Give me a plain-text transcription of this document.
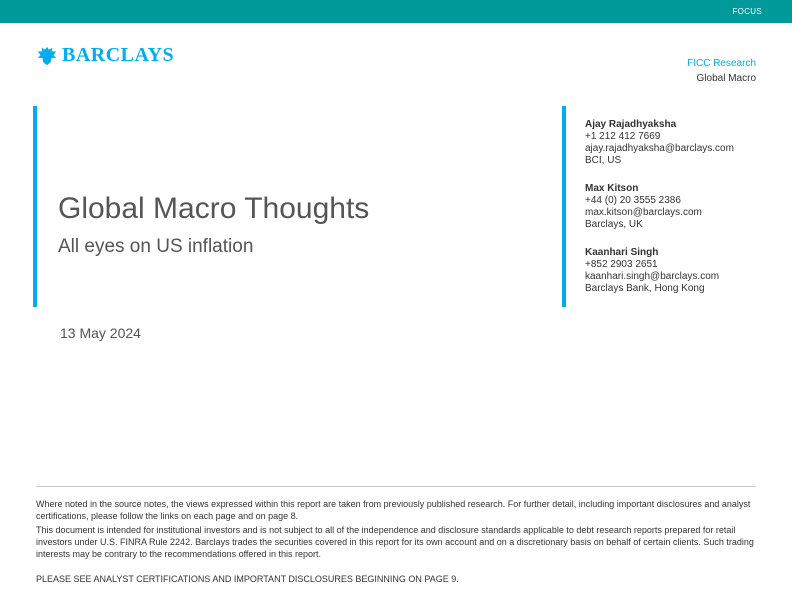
FOCUS
BARCLAYS	FICC Research
Global Macro
Global Macro Thoughts
All eyes on US inflation
13 May 2024
Ajay Rajadhyaksha
+1 212 412 7669
ajay.rajadhyaksha@barclays.com
BCI, US
Max Kitson
+44 (0) 20 3555 2386
max.kitson@barclays.com
Barclays, UK
Kaanhari Singh
+852 2903 2651
kaanhari.singh@barclays.com
Barclays Bank, Hong Kong

Where noted in the source notes, the views expressed within this report are taken from previously published research. For further detail, including important disclosures and analyst certifications, please follow the links on each page and on page 8.

This document is intended for institutional investors and is not subject to all of the independence and disclosure standards applicable to debt research reports prepared for retail investors under U.S. FINRA Rule 2242. Barclays trades the securities covered in this report for its own account and on a discretionary basis on behalf of certain clients. Such trading interests may be contrary to the recommendations offered in this report.

PLEASE SEE ANALYST CERTIFICATIONS AND IMPORTANT DISCLOSURES BEGINNING ON PAGE 9.
